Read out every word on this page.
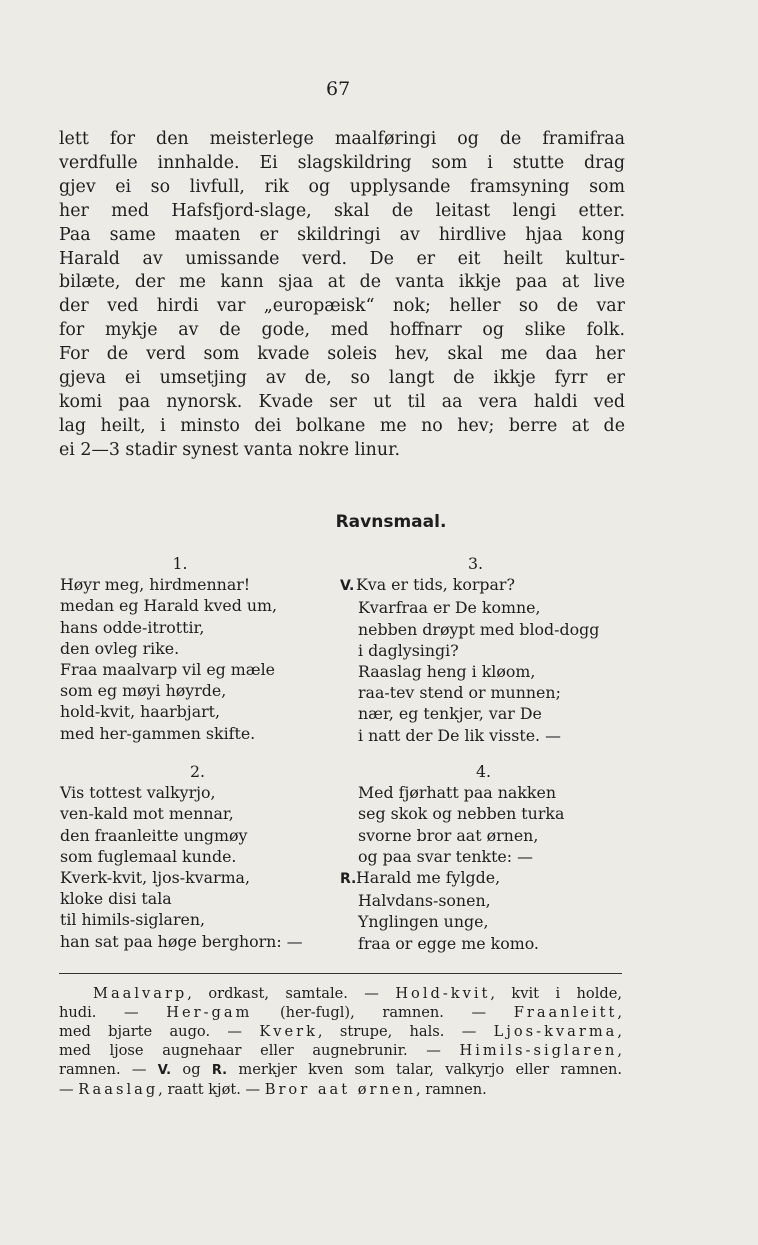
67
lett for den meisterlege maalføringi og de framifraa
verdfulle innhalde. Ei slagskildring som i stutte drag
gjev ei so livfull, rik og upplysande framsyning som
her med Hafsfjord-slage, skal de leitast lengi etter.
Paa same maaten er skildringi av hirdlive hjaa kong
Harald av umissande verd. De er eit heilt kultur-
bilæte, der me kann sjaa at de vanta ikkje paa at live
der ved hirdi var „europæisk“ nok; heller so de var
for mykje av de gode, med hoffnarr og slike folk.
For de verd som kvade soleis hev, skal me daa her
gjeva ei umsetjing av de, so langt de ikkje fyrr er
komi paa nynorsk. Kvade ser ut til aa vera haldi ved
lag heilt, i minsto dei bolkane me no hev; berre at de
ei 2—3 stadir synest vanta nokre linur.
Ravnsmaal.
1.
Høyr meg, hirdmennar!
medan eg Harald kved um,
hans odde-itrottir,
den ovleg rike.
Fraa maalvarp vil eg mæle
som eg møyi høyrde,
hold-kvit, haarbjart,
med her-gammen skifte.
2.
Vis tottest valkyrjo,
ven-kald mot mennar,
den fraanleitte ungmøy
som fuglemaal kunde.
Kverk-kvit, ljos-kvarma,
kloke disi tala
til himils-siglaren,
han sat paa høge berghorn: —
3.
V. Kva er tids, korpar?
Kvarfraa er De komne,
nebben drøypt med blod-dogg
i daglysingi?
Raaslag heng i kløom,
raa-tev stend or munnen;
nær, eg tenkjer, var De
i natt der De lik visste. —
4.
Med fjørhatt paa nakken
seg skok og nebben turka
svorne bror aat ørnen,
og paa svar tenkte: —
R.Harald me fylgde,
Halvdans-sonen,
Ynglingen unge,
fraa or egge me komo.
Maalvarp, ordkast, samtale. — Hold-kvit, kvit i holde,
hudi. — Her-gam (her-fugl), ramnen. — Fraanleitt,
med bjarte augo. — Kverk, strupe, hals. — Ljos-kvarma,
med ljose augnehaar eller augnebrunir. — Himils-siglaren,
ramnen. — V. og R. merkjer kven som talar, valkyrjo eller ramnen.
— Raaslag, raatt kjøt. — Bror aat ørnen, ramnen.
